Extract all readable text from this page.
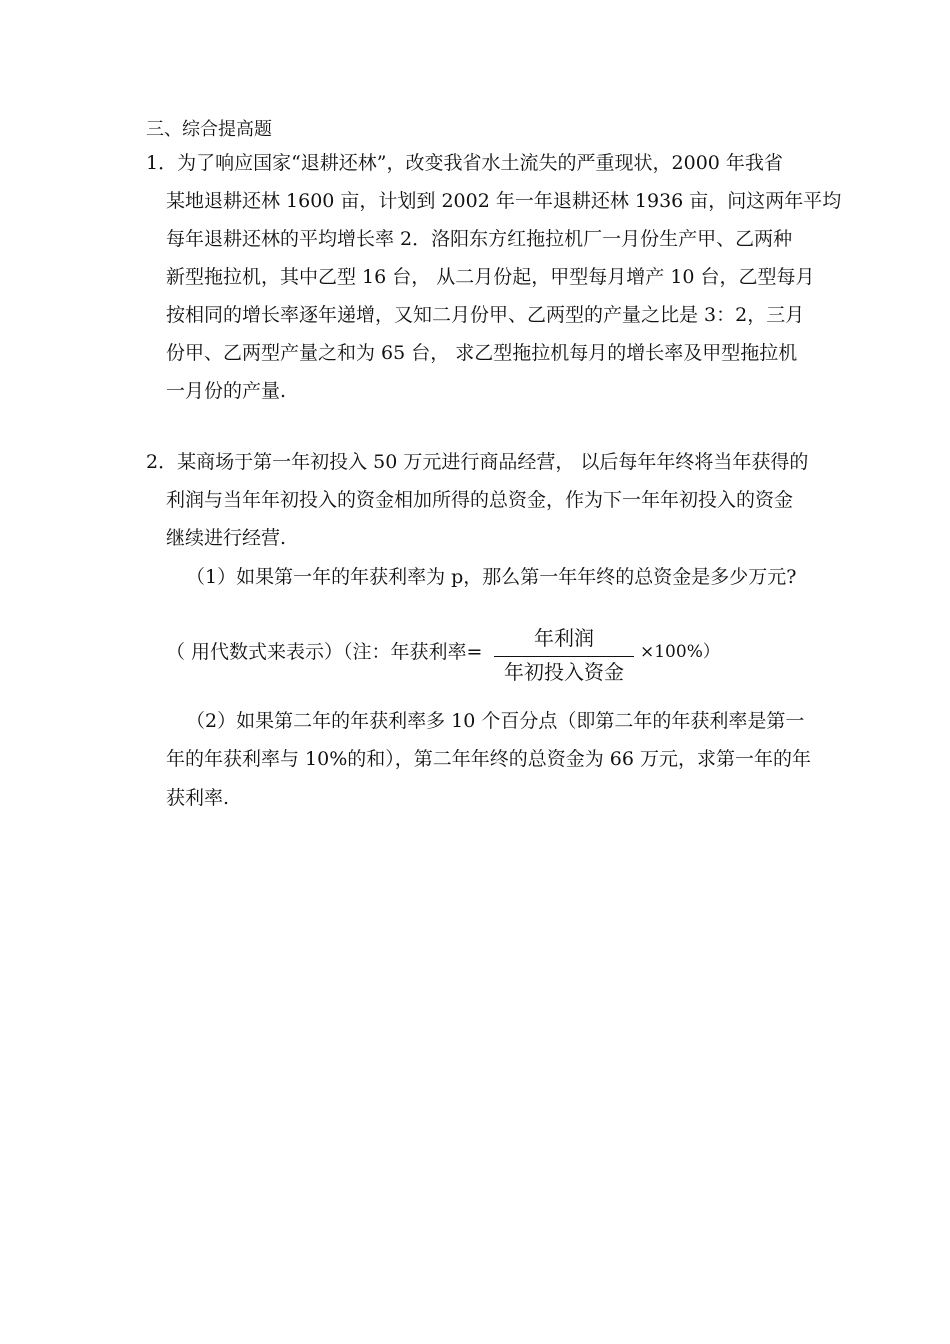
三、综合提高题
1．为了响应国家“退耕还林”，改变我省水土流失的严重现状，2000 年我省
某地退耕还林 1600 亩，计划到 2002 年一年退耕还林 1936 亩，问这两年平均
每年退耕还林的平均增长率 2．洛阳东方红拖拉机厂一月份生产甲、乙两种
新型拖拉机，其中乙型 16 台， 从二月份起，甲型每月增产 10 台，乙型每月
按相同的增长率逐年递增，又知二月份甲、乙两型的产量之比是 3：2，三月
份甲、乙两型产量之和为 65 台， 求乙型拖拉机每月的增长率及甲型拖拉机
一月份的产量.
2．某商场于第一年初投入 50 万元进行商品经营， 以后每年年终将当年获得的
利润与当年年初投入的资金相加所得的总资金，作为下一年年初投入的资金
继续进行经营.
（1）如果第一年的年获利率为 p，那么第一年年终的总资金是多少万元?
（ 用代数式来表示）（注：年获利率=
年利润
年初投入资金
×100%）
（2）如果第二年的年获利率多 10 个百分点（即第二年的年获利率是第一
年的年获利率与 10%的和），第二年年终的总资金为 66 万元，求第一年的年
获利率.
